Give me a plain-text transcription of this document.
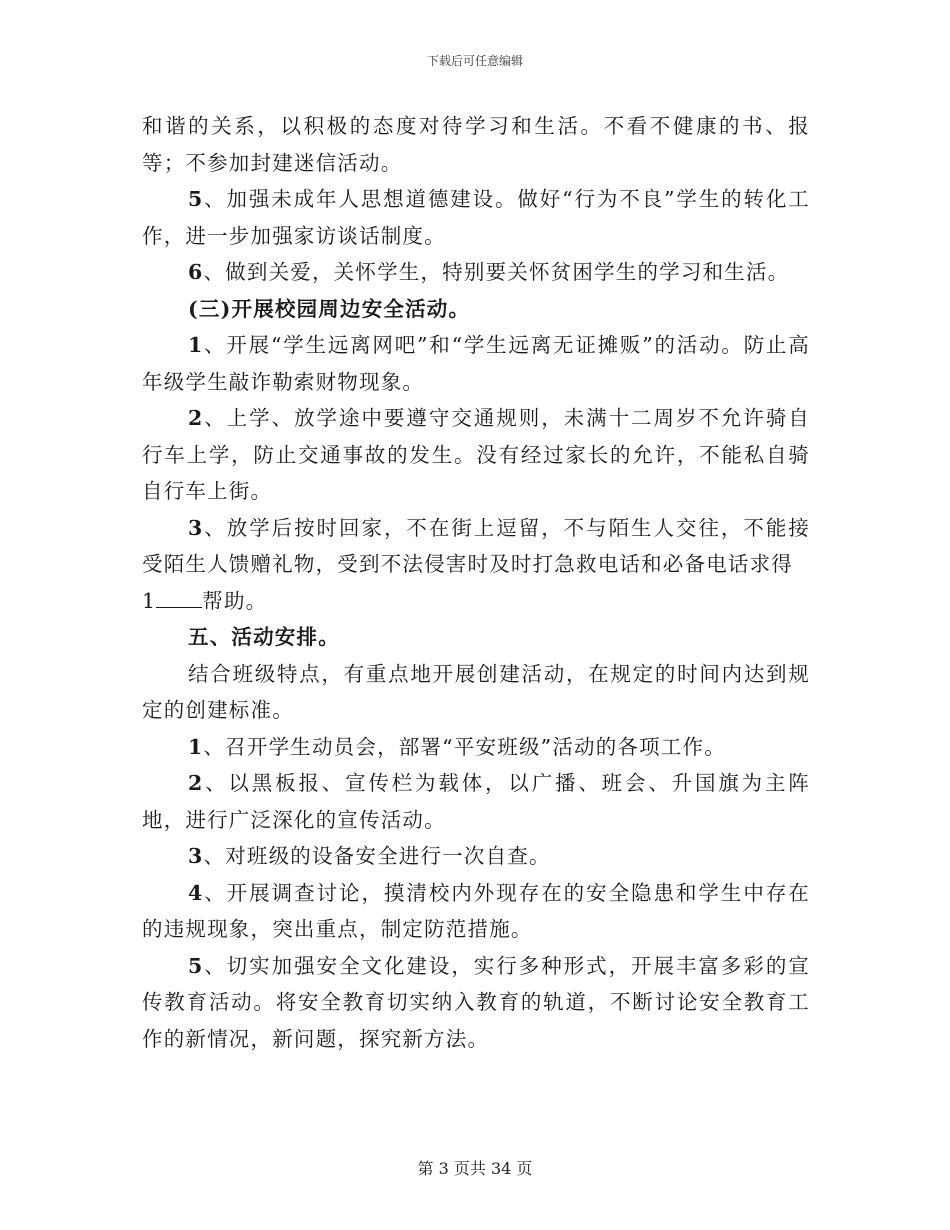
下载后可任意编辑

和谐的关系，以积极的态度对待学习和生活。不看不健康的书、报等；不参加封建迷信活动。

5、加强未成年人思想道德建设。做好“行为不良”学生的转化工作，进一步加强家访谈话制度。

6、做到关爱，关怀学生，特别要关怀贫困学生的学习和生活。

(三)开展校园周边安全活动。

1、开展“学生远离网吧”和“学生远离无证摊贩”的活动。防止高年级学生敲诈勒索财物现象。

2、上学、放学途中要遵守交通规则，未满十二周岁不允许骑自行车上学，防止交通事故的发生。没有经过家长的允许，不能私自骑自行车上街。

3、放学后按时回家，不在街上逗留，不与陌生人交往，不能接受陌生人馈赠礼物，受到不法侵害时及时打急救电话和必备电话求得

1 帮助。

五、活动安排。

结合班级特点，有重点地开展创建活动，在规定的时间内达到规定的创建标准。

1、召开学生动员会，部署“平安班级”活动的各项工作。

2、以黑板报、宣传栏为载体，以广播、班会、升国旗为主阵地，进行广泛深化的宣传活动。

3、对班级的设备安全进行一次自查。

4、开展调查讨论，摸清校内外现存在的安全隐患和学生中存在的违规现象，突出重点，制定防范措施。

5、切实加强安全文化建设，实行多种形式，开展丰富多彩的宣传教育活动。将安全教育切实纳入教育的轨道，不断讨论安全教育工作的新情况，新问题，探究新方法。

第 3 页共 34 页
